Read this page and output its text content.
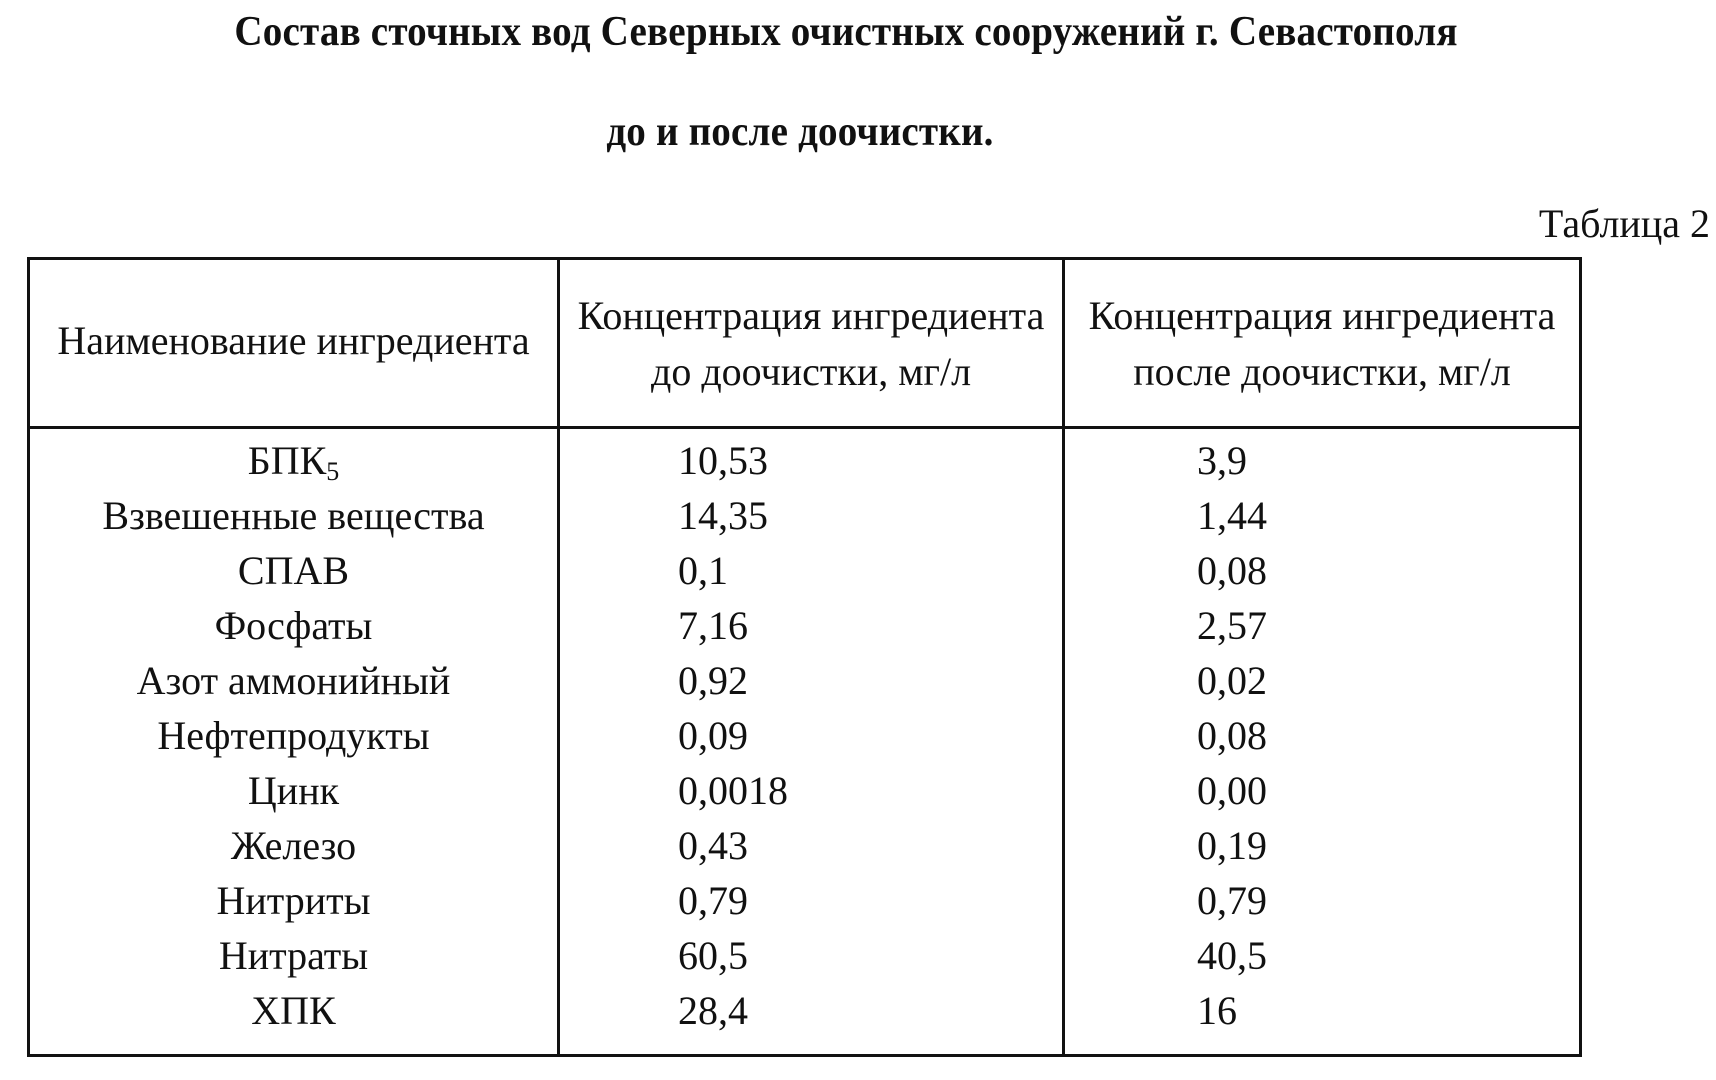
Состав сточных вод Северных очистных сооружений г. Севастополя
до и после доочистки.
Таблица 2
Наименование ингредиента	Концентрация ингредиента до доочистки, мг/л	Концентрация ингредиента после доочистки, мг/л
$БПК_5$	10,53	3,9
Взвешенные вещества	14,35	1,44
СПАВ	0,1	0,08
Фосфаты	7,16	2,57
Азот аммонийный	0,92	0,02
Нефтепродукты	0,09	0,08
Цинк	0,0018	0,00
Железо	0,43	0,19
Нитриты	0,79	0,79
Нитраты	60,5	40,5
ХПК	28,4	16
